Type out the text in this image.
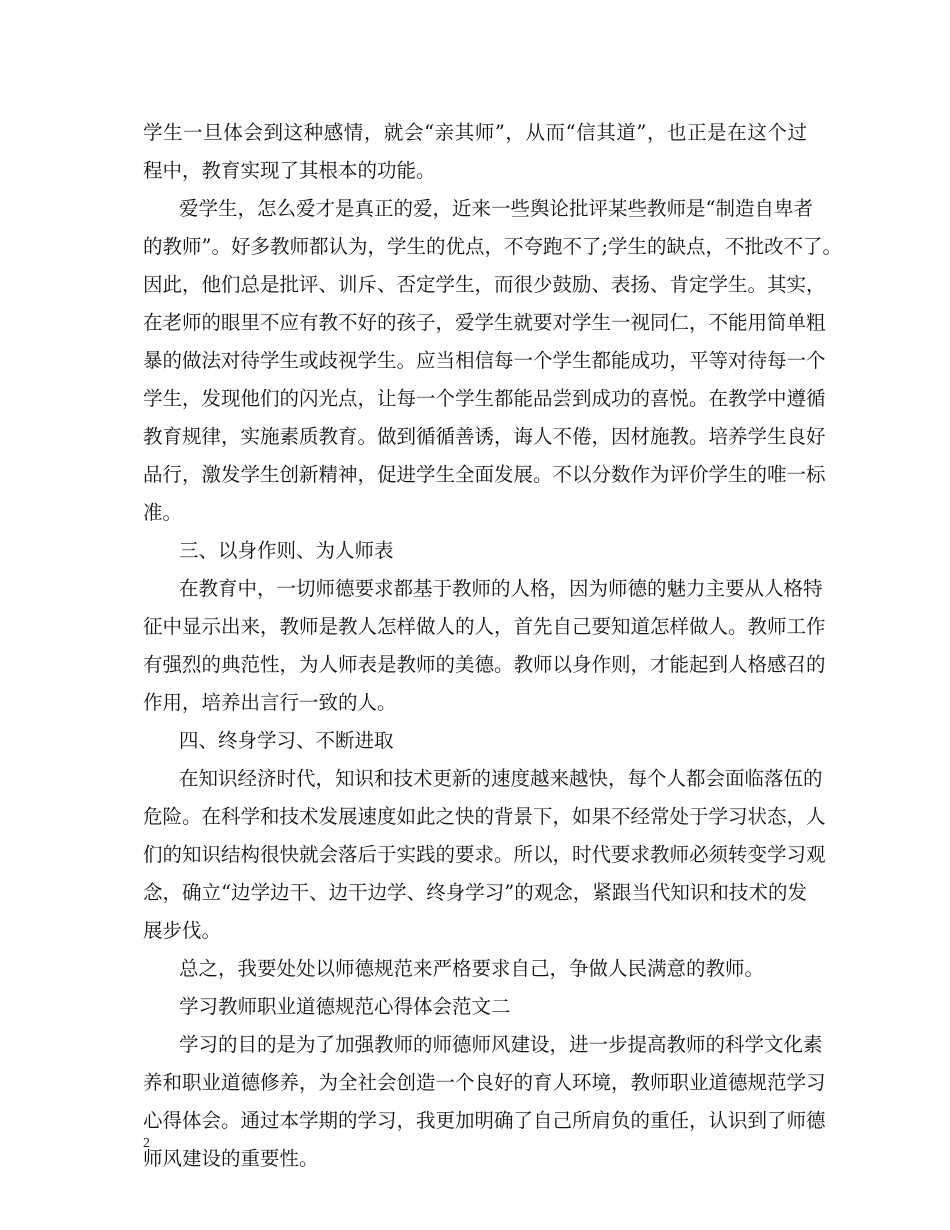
学生一旦体会到这种感情，就会“亲其师”，从而“信其道”，也正是在这个过
程中，教育实现了其根本的功能。
爱学生，怎么爱才是真正的爱，近来一些舆论批评某些教师是“制造自卑者
的教师”。好多教师都认为，学生的优点，不夸跑不了;学生的缺点，不批改不了。
因此，他们总是批评、训斥、否定学生，而很少鼓励、表扬、肯定学生。其实，
在老师的眼里不应有教不好的孩子，爱学生就要对学生一视同仁，不能用简单粗
暴的做法对待学生或歧视学生。应当相信每一个学生都能成功，平等对待每一个
学生，发现他们的闪光点，让每一个学生都能品尝到成功的喜悦。在教学中遵循
教育规律，实施素质教育。做到循循善诱，诲人不倦，因材施教。培养学生良好
品行，激发学生创新精神，促进学生全面发展。不以分数作为评价学生的唯一标
准。
三、以身作则、为人师表
在教育中，一切师德要求都基于教师的人格，因为师德的魅力主要从人格特
征中显示出来，教师是教人怎样做人的人，首先自己要知道怎样做人。教师工作
有强烈的典范性，为人师表是教师的美德。教师以身作则，才能起到人格感召的
作用，培养出言行一致的人。
四、终身学习、不断进取
在知识经济时代，知识和技术更新的速度越来越快，每个人都会面临落伍的
危险。在科学和技术发展速度如此之快的背景下，如果不经常处于学习状态，人
们的知识结构很快就会落后于实践的要求。所以，时代要求教师必须转变学习观
念，确立“边学边干、边干边学、终身学习”的观念，紧跟当代知识和技术的发
展步伐。
总之，我要处处以师德规范来严格要求自己，争做人民满意的教师。
学习教师职业道德规范心得体会范文二
学习的目的是为了加强教师的师德师风建设，进一步提高教师的科学文化素
养和职业道德修养，为全社会创造一个良好的育人环境，教师职业道德规范学习
心得体会。通过本学期的学习，我更加明确了自己所肩负的重任，认识到了师德
师风建设的重要性。
2
